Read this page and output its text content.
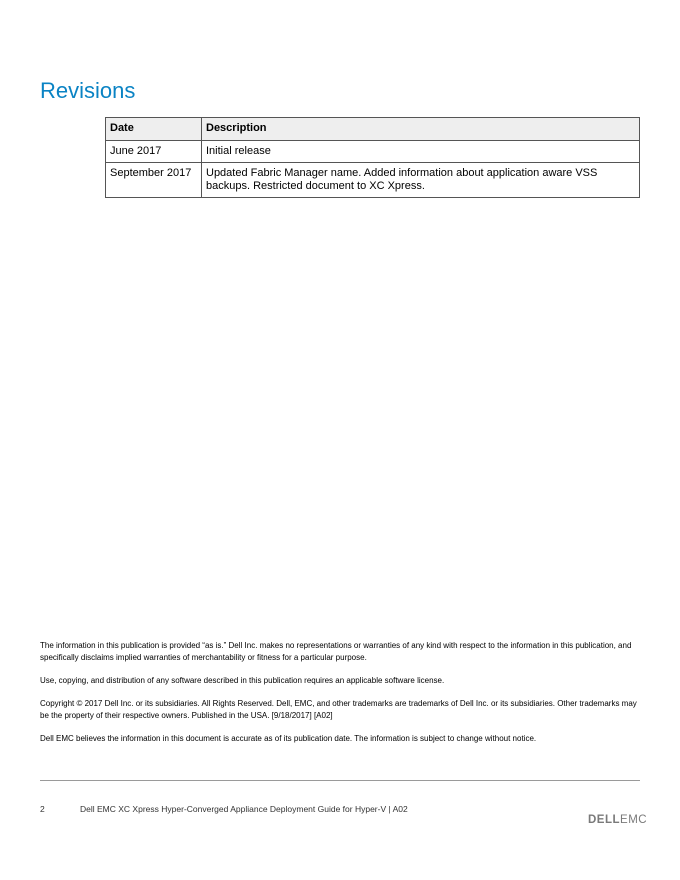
Revisions
Date	Description
June 2017	Initial release
September 2017	Updated Fabric Manager name. Added information about application aware VSS backups. Restricted document to XC Xpress.

The information in this publication is provided “as is.” Dell Inc. makes no representations or warranties of any kind with respect to the information in this publication, and specifically disclaims implied warranties of merchantability or fitness for a particular purpose.

Use, copying, and distribution of any software described in this publication requires an applicable software license.

Copyright © 2017 Dell Inc. or its subsidiaries. All Rights Reserved. Dell, EMC, and other trademarks are trademarks of Dell Inc. or its subsidiaries. Other trademarks may be the property of their respective owners. Published in the USA. [9/18/2017] [A02]

Dell EMC believes the information in this document is accurate as of its publication date. The information is subject to change without notice.

2	Dell EMC XC Xpress Hyper-Converged Appliance Deployment Guide for Hyper-V | A02
DELLEMC
